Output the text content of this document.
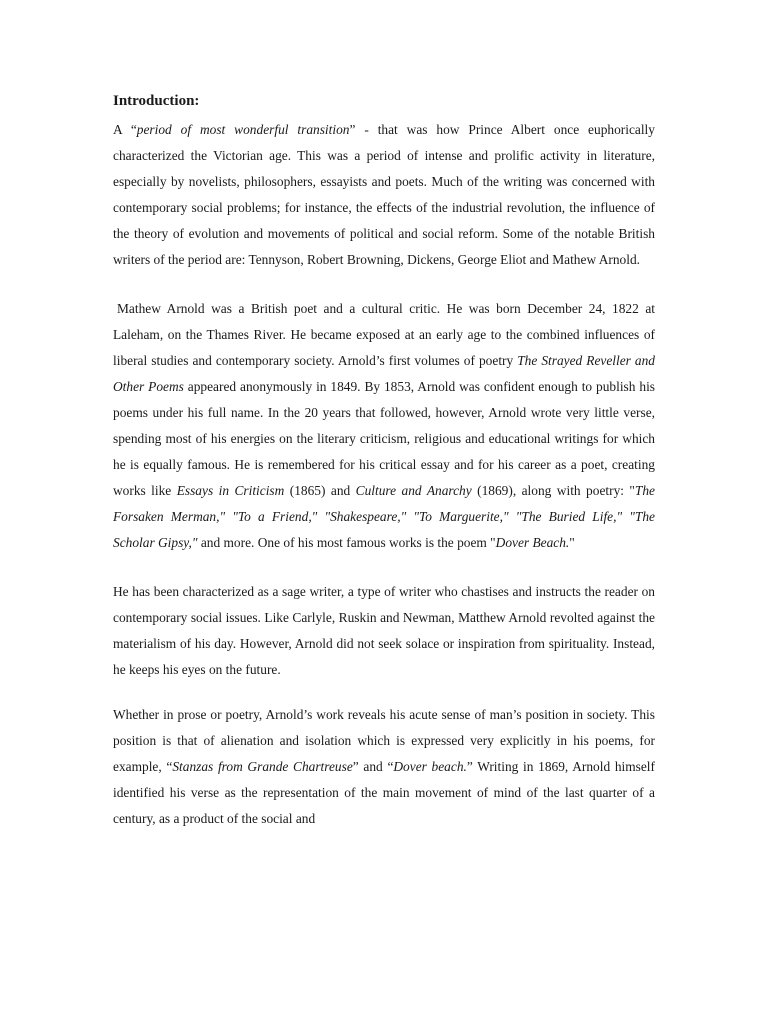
Introduction:

A “period of most wonderful transition” - that was how Prince Albert once euphorically characterized the Victorian age. This was a period of intense and prolific activity in literature, especially by novelists, philosophers, essayists and poets. Much of the writing was concerned with contemporary social problems; for instance, the effects of the industrial revolution, the influence of the theory of evolution and movements of political and social reform. Some of the notable British writers of the period are: Tennyson, Robert Browning, Dickens, George Eliot and Mathew Arnold.

Mathew Arnold was a British poet and a cultural critic. He was born December 24, 1822 at Laleham, on the Thames River. He became exposed at an early age to the combined influences of liberal studies and contemporary society. Arnold’s first volumes of poetry The Strayed Reveller and Other Poems appeared anonymously in 1849. By 1853, Arnold was confident enough to publish his poems under his full name. In the 20 years that followed, however, Arnold wrote very little verse, spending most of his energies on the literary criticism, religious and educational writings for which he is equally famous. He is remembered for his critical essay and for his career as a poet, creating works like Essays in Criticism (1865) and Culture and Anarchy (1869), along with poetry: "The Forsaken Merman," "To a Friend," "Shakespeare," "To Marguerite," "The Buried Life," "The Scholar Gipsy," and more. One of his most famous works is the poem "Dover Beach."

He has been characterized as a sage writer, a type of writer who chastises and instructs the reader on contemporary social issues. Like Carlyle, Ruskin and Newman, Matthew Arnold revolted against the materialism of his day. However, Arnold did not seek solace or inspiration from spirituality. Instead, he keeps his eyes on the future.

Whether in prose or poetry, Arnold’s work reveals his acute sense of man’s position in society. This position is that of alienation and isolation which is expressed very explicitly in his poems, for example, “Stanzas from Grande Chartreuse” and “Dover beach.” Writing in 1869, Arnold himself identified his verse as the representation of the main movement of mind of the last quarter of a century, as a product of the social and
